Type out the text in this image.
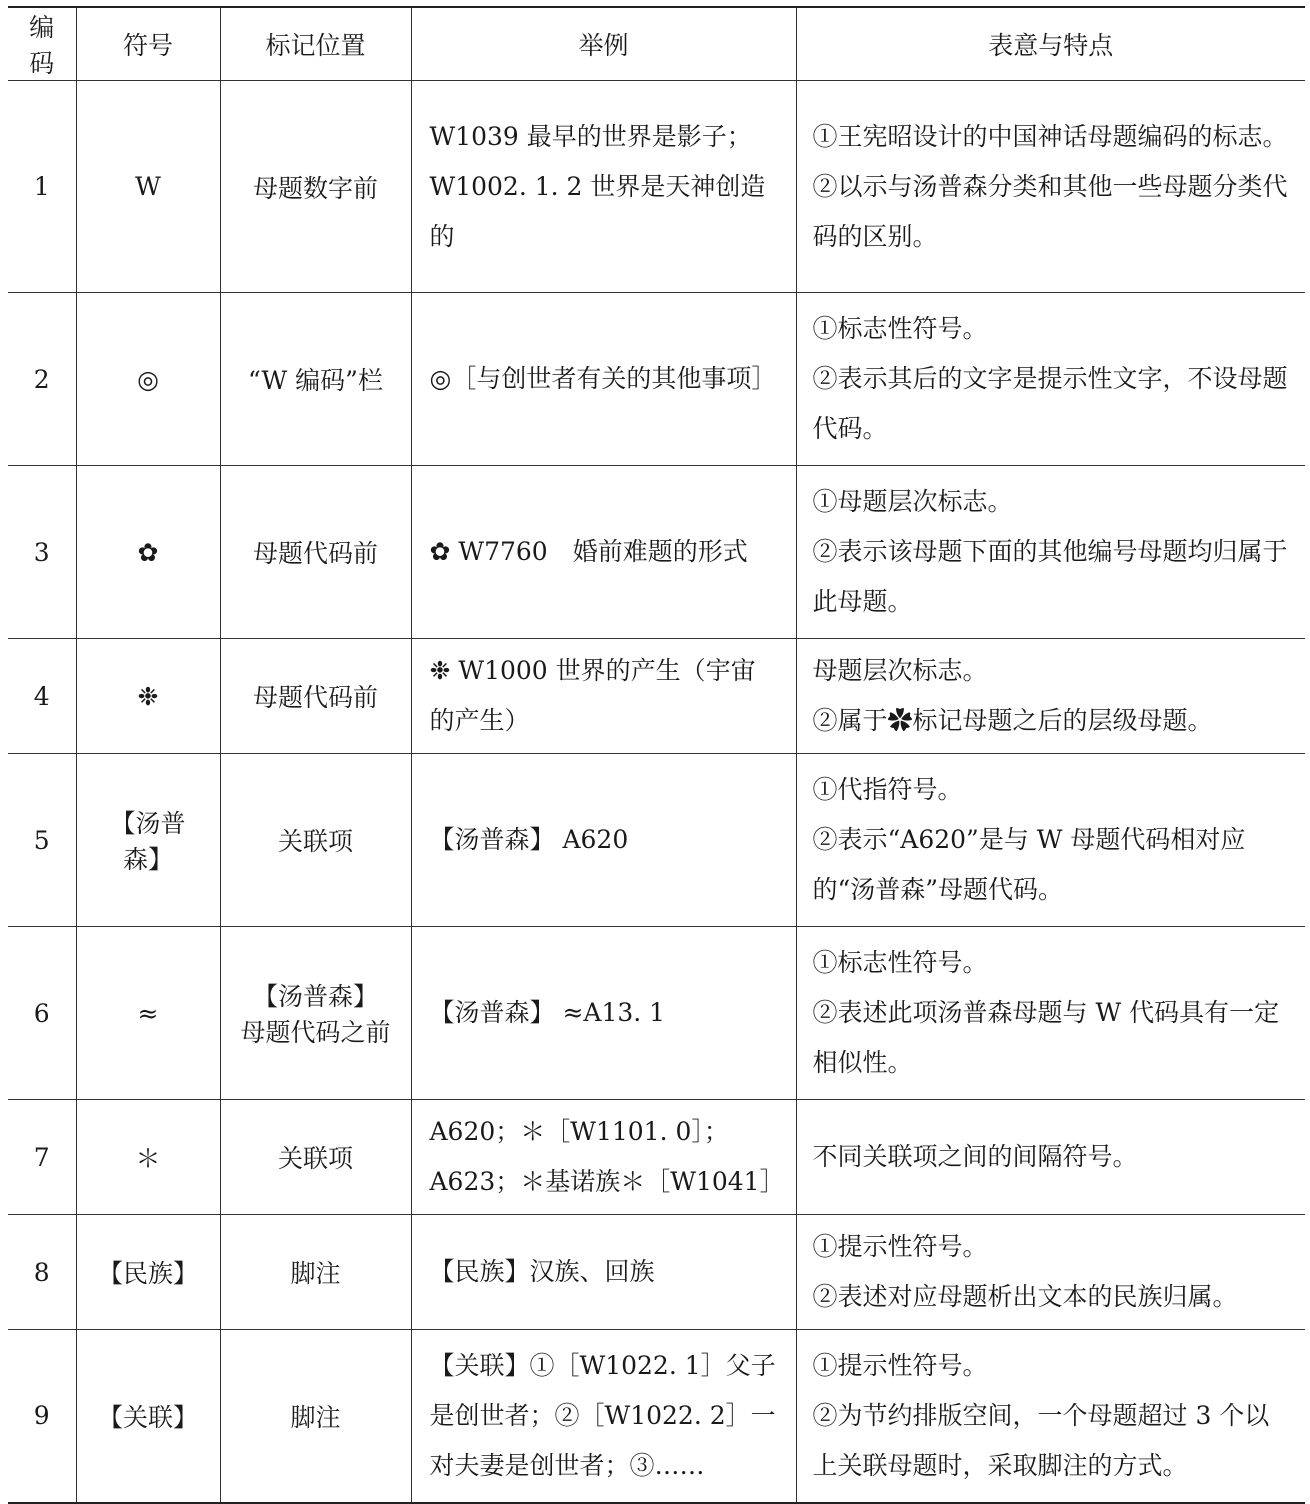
编码	符号	标记位置	举例	表意与特点
1	W	母题数字前	W1039 最早的世界是影子；
W1002. 1. 2 世界是天神创造的	①王宪昭设计的中国神话母题编码的标志。
②以示与汤普森分类和其他一些母题分类代码的区别。

2	◎	“W 编码”栏	◎［与创世者有关的其他事项］	①标志性符号。
②表示其后的文字是提示性文字，不设母题代码。

3	✿	母题代码前	✿ W7760　婚前难题的形式	①母题层次标志。
②表示该母题下面的其他编号母题均归属于此母题。

4	❉	母题代码前	❉ W1000 世界的产生（宇宙的产生）	母题层次标志。
②属于✿标记母题之后的层级母题。

5	【汤普森】	关联项	【汤普森】 A620	①代指符号。
②表示“A620”是与 W 母题代码相对应的“汤普森”母题代码。

6	≈	【汤普森】
母题代码之前	【汤普森】 ≈A13. 1	①标志性符号。
②表述此项汤普森母题与 W 代码具有一定相似性。

7	＊	关联项	A620；＊［W1101. 0］；
A623；＊基诺族＊［W1041］	不同关联项之间的间隔符号。

8	【民族】	脚注	【民族】汉族、回族	①提示性符号。
②表述对应母题析出文本的民族归属。

9	【关联】	脚注	【关联】①［W1022. 1］父子是创世者；②［W1022. 2］一对夫妻是创世者；③……	①提示性符号。
②为节约排版空间，一个母题超过 3 个以上关联母题时，采取脚注的方式。
